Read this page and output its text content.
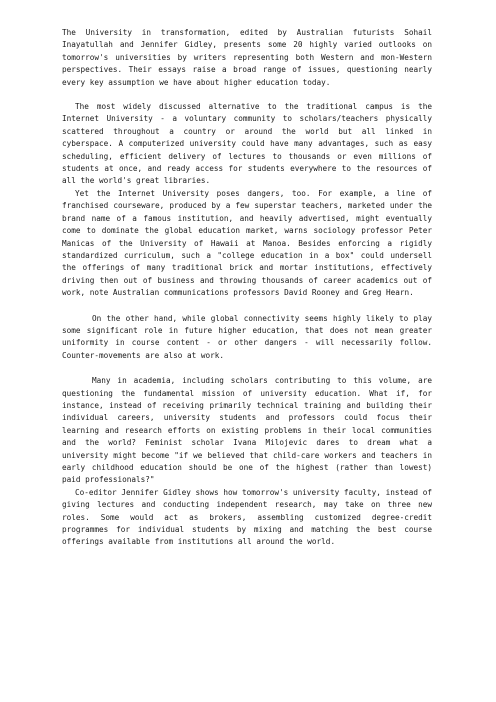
The University in transformation, edited by Australian futurists Sohail Inayatullah and Jennifer Gidley, presents some 20 highly varied outlooks on tomorrow's universities by writers representing both Western and mon-Western perspectives. Their essays raise a broad range of issues, questioning nearly every key assumption we have about higher education today.

The most widely discussed alternative to the traditional campus is the Internet University - a voluntary community to scholars/teachers physically scattered throughout a country or around the world but all linked in cyberspace. A computerized university could have many advantages, such as easy scheduling, efficient delivery of lectures to thousands or even millions of students at once, and ready access for students everywhere to the resources of all the world's great libraries.

Yet the Internet University poses dangers, too. For example, a line of franchised courseware, produced by a few superstar teachers, marketed under the brand name of a famous institution, and heavily advertised, might eventually come to dominate the global education market, warns sociology professor Peter Manicas of the University of Hawaii at Manoa. Besides enforcing a rigidly standardized curriculum, such a "college education in a box" could undersell the offerings of many traditional brick and mortar institutions, effectively driving then out of business and throwing thousands of career academics out of work, note Australian communications professors David Rooney and Greg Hearn.

On the other hand, while global connectivity seems highly likely to play some significant role in future higher education, that does not mean greater uniformity in course content - or other dangers - will necessarily follow. Counter-movements are also at work.

Many in academia, including scholars contributing to this volume, are questioning the fundamental mission of university education. What if, for instance, instead of receiving primarily technical training and building their individual careers, university students and professors could focus their learning and research efforts on existing problems in their local communities and the world? Feminist scholar Ivana Milojevic dares to dream what a university might become "if we believed that child-care workers and teachers in early childhood education should be one of the highest (rather than lowest) paid professionals?"

Co-editor Jennifer Gidley shows how tomorrow's university faculty, instead of giving lectures and conducting independent research, may take on three new roles. Some would act as brokers, assembling customized degree-credit programmes for individual students by mixing and matching the best course offerings available from institutions all around the world.
